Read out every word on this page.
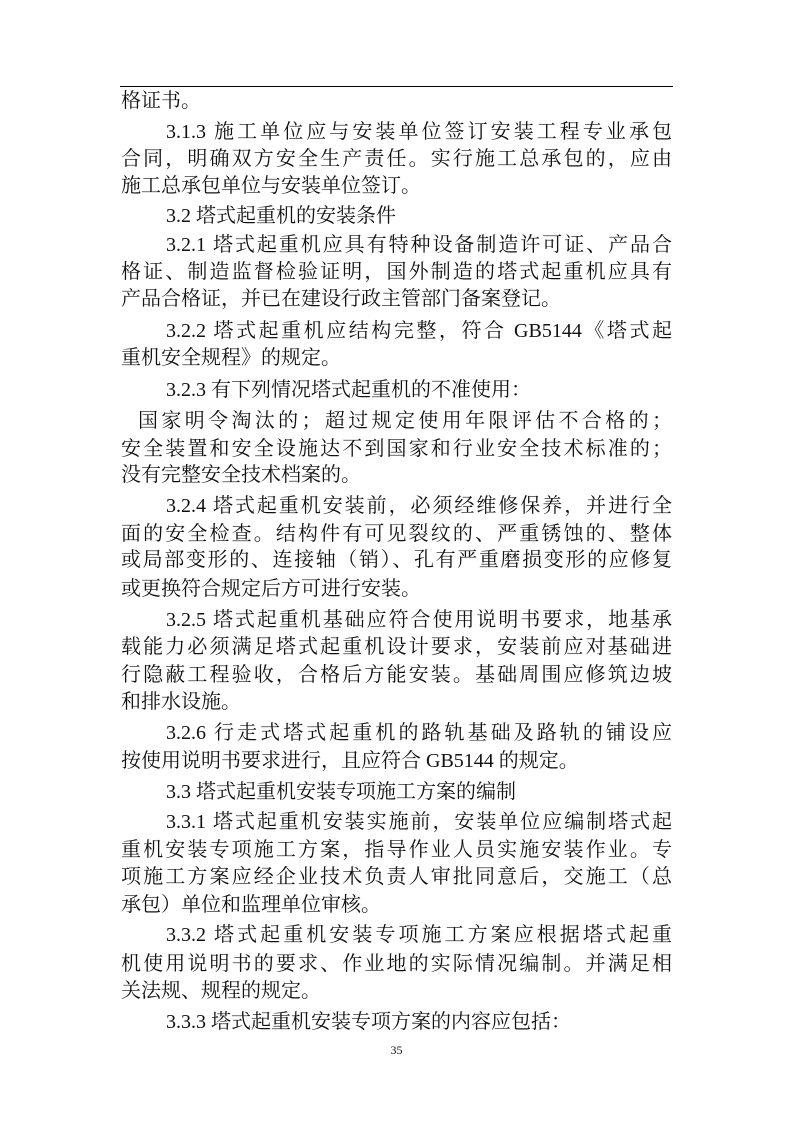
格证书。
3.1.3 施工单位应与安装单位签订安装工程专业承包
合同，明确双方安全生产责任。实行施工总承包的，应由
施工总承包单位与安装单位签订。
3.2 塔式起重机的安装条件
3.2.1 塔式起重机应具有特种设备制造许可证、产品合
格证、制造监督检验证明，国外制造的塔式起重机应具有
产品合格证，并已在建设行政主管部门备案登记。
3.2.2 塔式起重机应结构完整，符合 GB5144《塔式起
重机安全规程》的规定。
3.2.3 有下列情况塔式起重机的不准使用：
国家明令淘汰的；超过规定使用年限评估不合格的；
安全装置和安全设施达不到国家和行业安全技术标准的；
没有完整安全技术档案的。
3.2.4 塔式起重机安装前，必须经维修保养，并进行全
面的安全检查。结构件有可见裂纹的、严重锈蚀的、整体
或局部变形的、连接轴（销）、孔有严重磨损变形的应修复
或更换符合规定后方可进行安装。
3.2.5 塔式起重机基础应符合使用说明书要求，地基承
载能力必须满足塔式起重机设计要求，安装前应对基础进
行隐蔽工程验收，合格后方能安装。基础周围应修筑边坡
和排水设施。
3.2.6 行走式塔式起重机的路轨基础及路轨的铺设应
按使用说明书要求进行，且应符合 GB5144 的规定。
3.3 塔式起重机安装专项施工方案的编制
3.3.1 塔式起重机安装实施前，安装单位应编制塔式起
重机安装专项施工方案，指导作业人员实施安装作业。专
项施工方案应经企业技术负责人审批同意后，交施工（总
承包）单位和监理单位审核。
3.3.2 塔式起重机安装专项施工方案应根据塔式起重
机使用说明书的要求、作业地的实际情况编制。并满足相
关法规、规程的规定。
3.3.3 塔式起重机安装专项方案的内容应包括：
35
